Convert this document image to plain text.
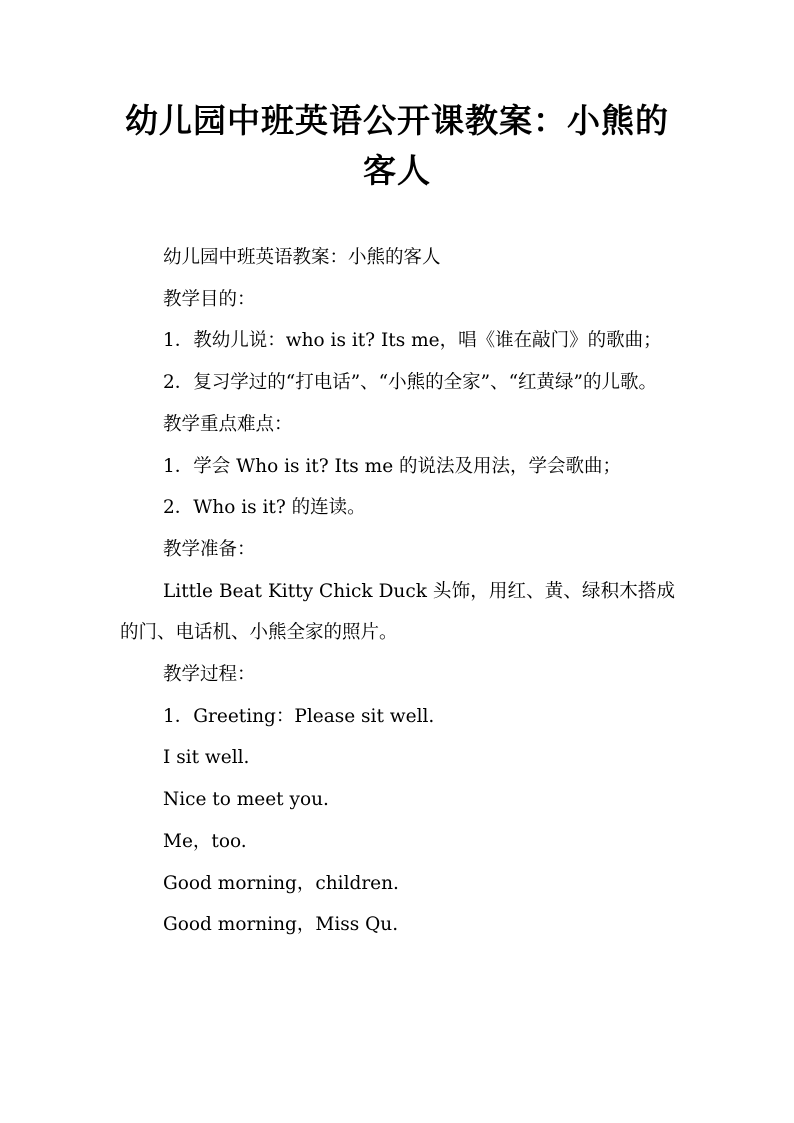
幼儿园中班英语公开课教案：小熊的客人

幼儿园中班英语教案：小熊的客人

教学目的：

1．教幼儿说：who is it? Its me，唱《谁在敲门》的歌曲；

2．复习学过的“打电话”、“小熊的全家”、“红黄绿”的儿歌。

教学重点难点：

1．学会 Who is it? Its me 的说法及用法，学会歌曲；

2．Who is it? 的连读。

教学准备：

Little Beat Kitty Chick Duck 头饰，用红、黄、绿积木搭成的门、电话机、小熊全家的照片。

教学过程：

1．Greeting：Please sit well.

I sit well.

Nice to meet you.

Me，too.

Good morning，children.

Good morning，Miss Qu.
